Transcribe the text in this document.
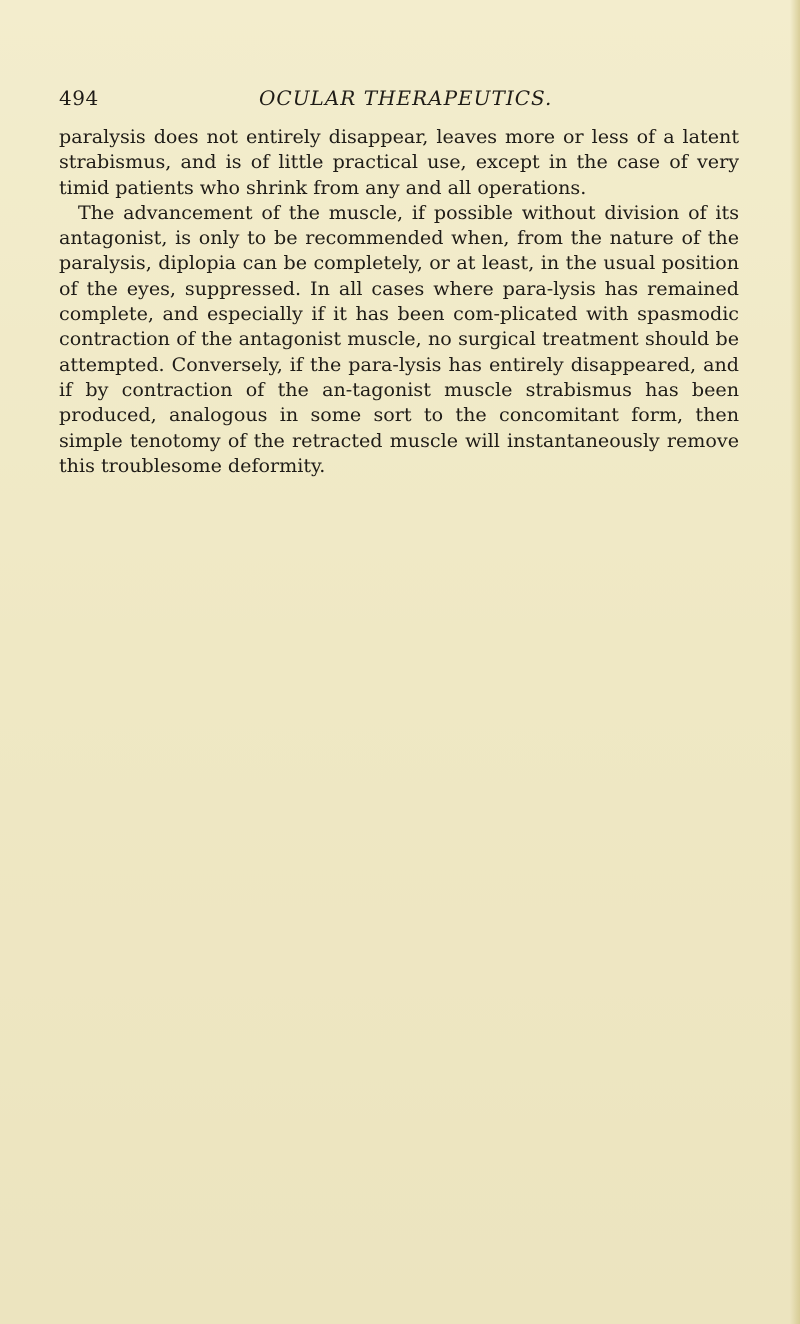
494	OCULAR THERAPEUTICS.

paralysis does not entirely disappear, leaves more or less of a latent strabismus, and is of little practical use, except in the case of very timid patients who shrink from any and all operations.

The advancement of the muscle, if possible without division of its antagonist, is only to be recommended when, from the nature of the paralysis, diplopia can be completely, or at least, in the usual position of the eyes, suppressed. In all cases where para-lysis has remained complete, and especially if it has been com-plicated with spasmodic contraction of the antagonist muscle, no surgical treatment should be attempted. Conversely, if the para-lysis has entirely disappeared, and if by contraction of the an-tagonist muscle strabismus has been produced, analogous in some sort to the concomitant form, then simple tenotomy of the retracted muscle will instantaneously remove this troublesome deformity.
